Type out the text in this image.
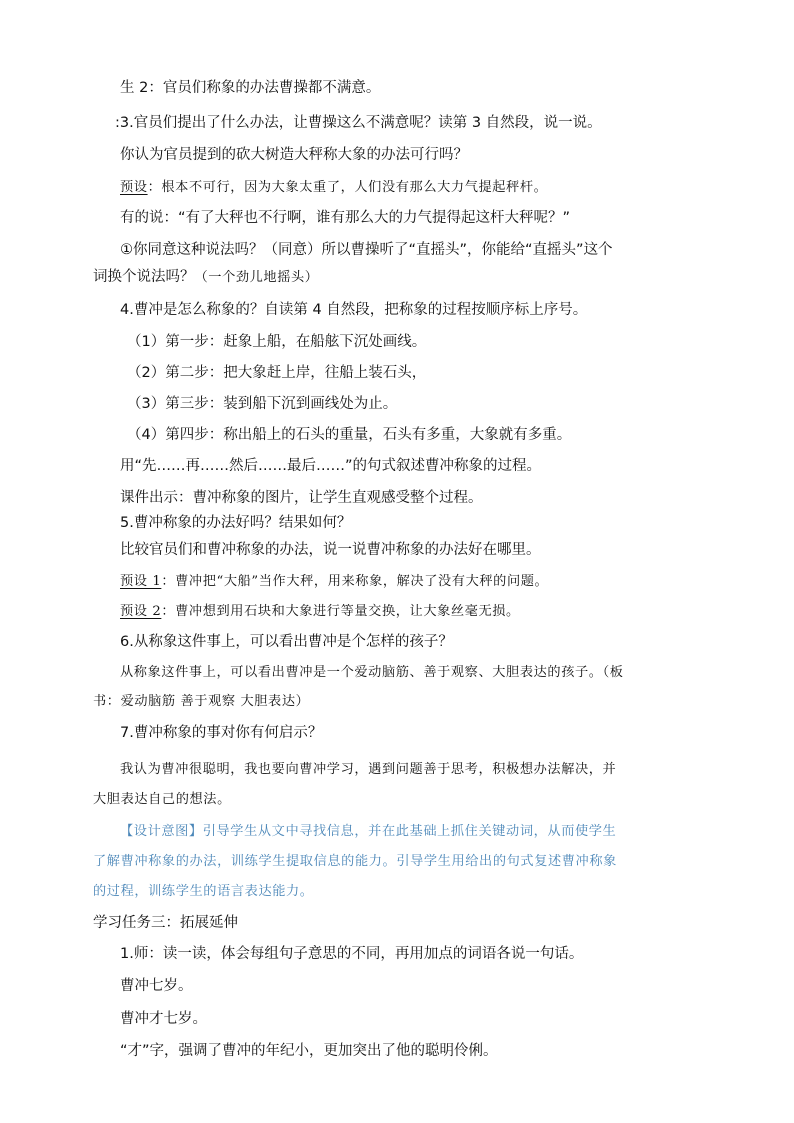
生 2：官员们称象的办法曹操都不满意。
:3.官员们提出了什么办法，让曹操这么不满意呢？读第 3 自然段，说一说。
你认为官员提到的砍大树造大秤称大象的办法可行吗？
预设：根本不可行，因为大象太重了，人们没有那么大力气提起秤杆。
有的说：“有了大秤也不行啊，谁有那么大的力气提得起这杆大秤呢？”
①你同意这种说法吗？（同意）所以曹操听了“直摇头”，你能给“直摇头”这个
词换个说法吗？（一个劲儿地摇头）
4.曹冲是怎么称象的？自读第 4 自然段，把称象的过程按顺序标上序号。
（1）第一步：赶象上船，在船舷下沉处画线。
（2）第二步：把大象赶上岸，往船上装石头，
（3）第三步：装到船下沉到画线处为止。
（4）第四步：称出船上的石头的重量，石头有多重，大象就有多重。
用“先……再……然后……最后……”的句式叙述曹冲称象的过程。
课件出示：曹冲称象的图片，让学生直观感受整个过程。
5.曹冲称象的办法好吗？结果如何？
比较官员们和曹冲称象的办法，说一说曹冲称象的办法好在哪里。
预设 1：曹冲把“大船”当作大秤，用来称象，解决了没有大秤的问题。
预设 2：曹冲想到用石块和大象进行等量交换，让大象丝毫无损。
6.从称象这件事上，可以看出曹冲是个怎样的孩子？
从称象这件事上，可以看出曹冲是一个爱动脑筋、善于观察、大胆表达的孩子。（板
书：爱动脑筋 善于观察 大胆表达）
7.曹冲称象的事对你有何启示？
我认为曹冲很聪明，我也要向曹冲学习，遇到问题善于思考，积极想办法解决，并
大胆表达自己的想法。
【设计意图】引导学生从文中寻找信息，并在此基础上抓住关键动词，从而使学生
了解曹冲称象的办法，训练学生提取信息的能力。引导学生用给出的句式复述曹冲称象
的过程，训练学生的语言表达能力。
学习任务三：拓展延伸
1.师：读一读，体会每组句子意思的不同，再用加点的词语各说一句话。
曹冲七岁。
曹冲才七岁。
“才”字，强调了曹冲的年纪小，更加突出了他的聪明伶俐。
